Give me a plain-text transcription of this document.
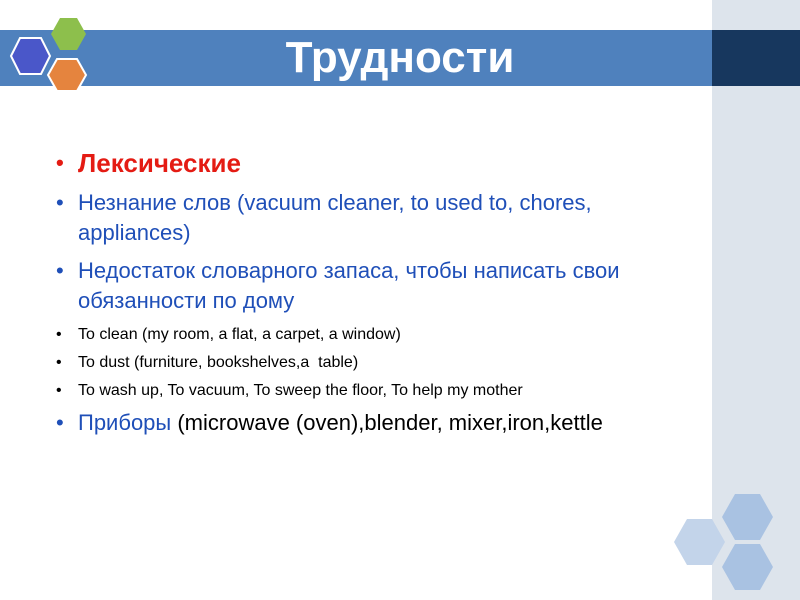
Трудности
• Лексические
• Незнание слов (vacuum cleaner, to used to, chores, appliances)
• Недостаток словарного запаса, чтобы написать свои обязанности по дому
• To clean (my room, a flat, a carpet, a window)
• To dust (furniture, bookshelves,a  table)
• To wash up, To vacuum, To sweep the floor, To help my mother
• Приборы (microwave (oven),blender, mixer,iron,kettle
